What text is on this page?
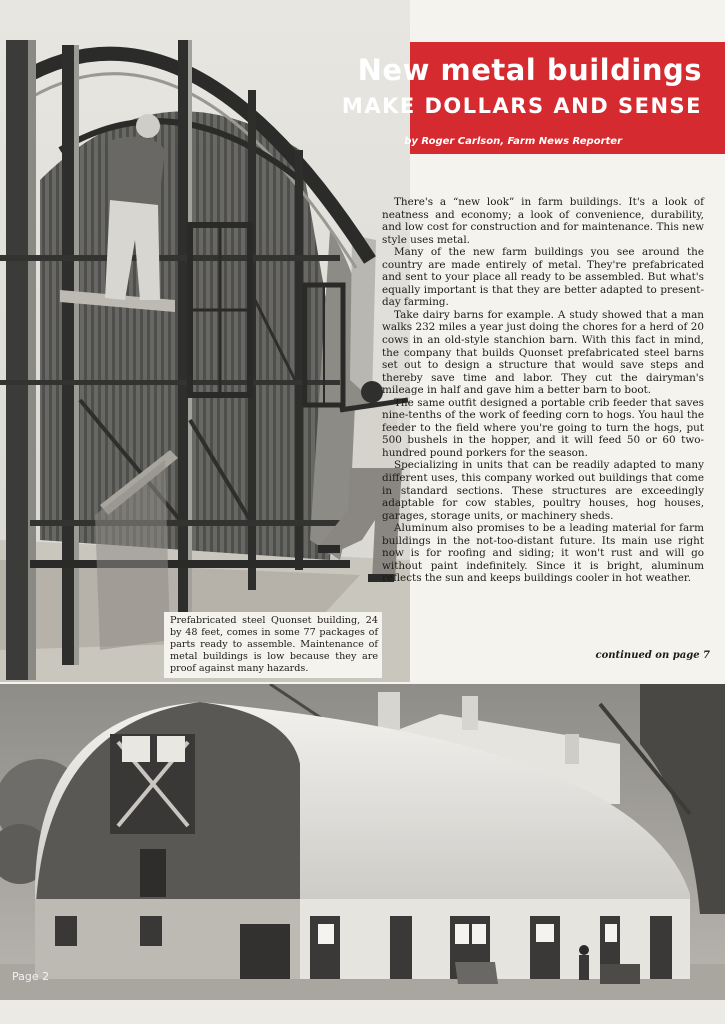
New metal buildings
MAKE DOLLARS AND SENSE
by Roger Carlson, Farm News Reporter

There's a “new look” in farm buildings. It's a look of neatness and economy; a look of convenience, durability, and low cost for construction and for maintenance. This new style uses metal.

Many of the new farm buildings you see around the country are made entirely of metal. They're prefabricated and sent to your place all ready to be assembled. But what's equally important is that they are better adapted to present-day farming.

Take dairy barns for example. A study showed that a man walks 232 miles a year just doing the chores for a herd of 20 cows in an old-style stanchion barn. With this fact in mind, the company that builds Quonset prefabricated steel barns set out to design a structure that would save steps and thereby save time and labor. They cut the dairyman's mileage in half and gave him a better barn to boot.

The same outfit designed a portable crib feeder that saves nine-tenths of the work of feeding corn to hogs. You haul the feeder to the field where you're going to turn the hogs, put 500 bushels in the hopper, and it will feed 50 or 60 two-hundred pound porkers for the season.

Specializing in units that can be readily adapted to many different uses, this company worked out buildings that come in standard sections. These structures are exceedingly adaptable for cow stables, poultry houses, hog houses, garages, storage units, or machinery sheds.

Aluminum also promises to be a leading material for farm buildings in the not-too-distant future. Its main use right now is for roofing and siding; it won't rust and will go without paint indefinitely. Since it is bright, aluminum reflects the sun and keeps buildings cooler in hot weather.

continued on page 7
Prefabricated steel Quonset building, 24 by 48 feet, comes in some 77 packages of parts ready to assemble. Maintenance of metal buildings is low because they are proof against many hazards.
Page 2
